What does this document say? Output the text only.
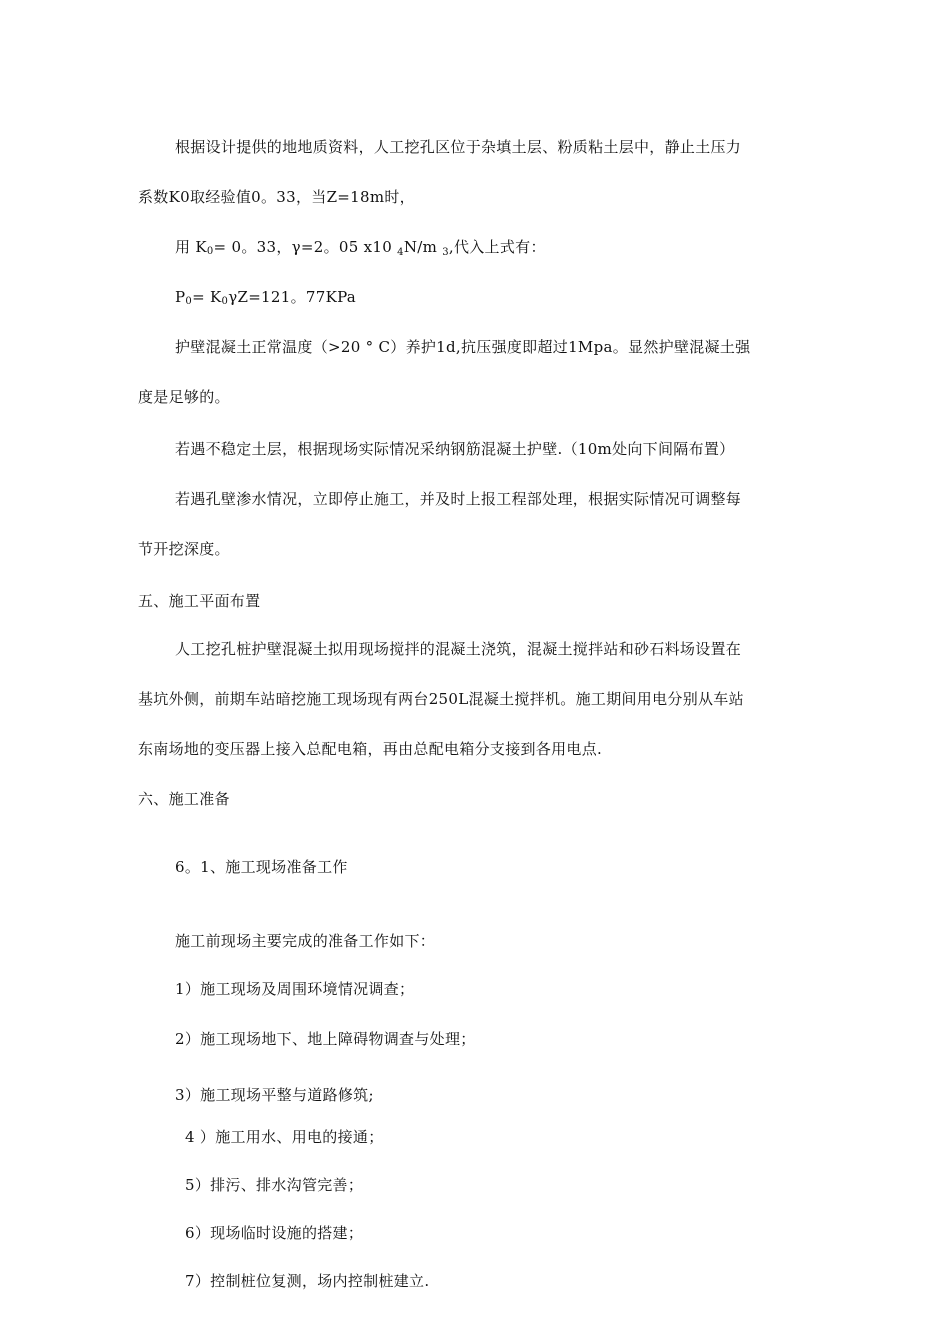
根据设计提供的地地质资料，人工挖孔区位于杂填土层、粉质粘土层中，静止土压力
系数K0取经验值0。33，当Z=18m时，
用 $K_0= 0$。33，γ=2。05 x10 $_4$N/m $_3$,代入上式有：
$P_0= K_0\gamma Z=121$。77KPa
护壁混凝土正常温度（>20 ° C）养护1d,抗压强度即超过1Mpa。显然护壁混凝土强
度是足够的。
若遇不稳定土层，根据现场实际情况采纳钢筋混凝土护壁.（10m处向下间隔布置）
若遇孔壁渗水情况，立即停止施工，并及时上报工程部处理，根据实际情况可调整每
节开挖深度。
五、施工平面布置
人工挖孔桩护壁混凝土拟用现场搅拌的混凝土浇筑，混凝土搅拌站和砂石料场设置在
基坑外侧，前期车站暗挖施工现场现有两台250L混凝土搅拌机。施工期间用电分别从车站
东南场地的变压器上接入总配电箱，再由总配电箱分支接到各用电点.
六、施工准备
6。1、施工现场准备工作
施工前现场主要完成的准备工作如下：
1）施工现场及周围环境情况调查；
2）施工现场地下、地上障碍物调查与处理；
3）施工现场平整与道路修筑;
4 ）施工用水、用电的接通；
5）排污、排水沟管完善；
6）现场临时设施的搭建；
7）控制桩位复测，场内控制桩建立.
